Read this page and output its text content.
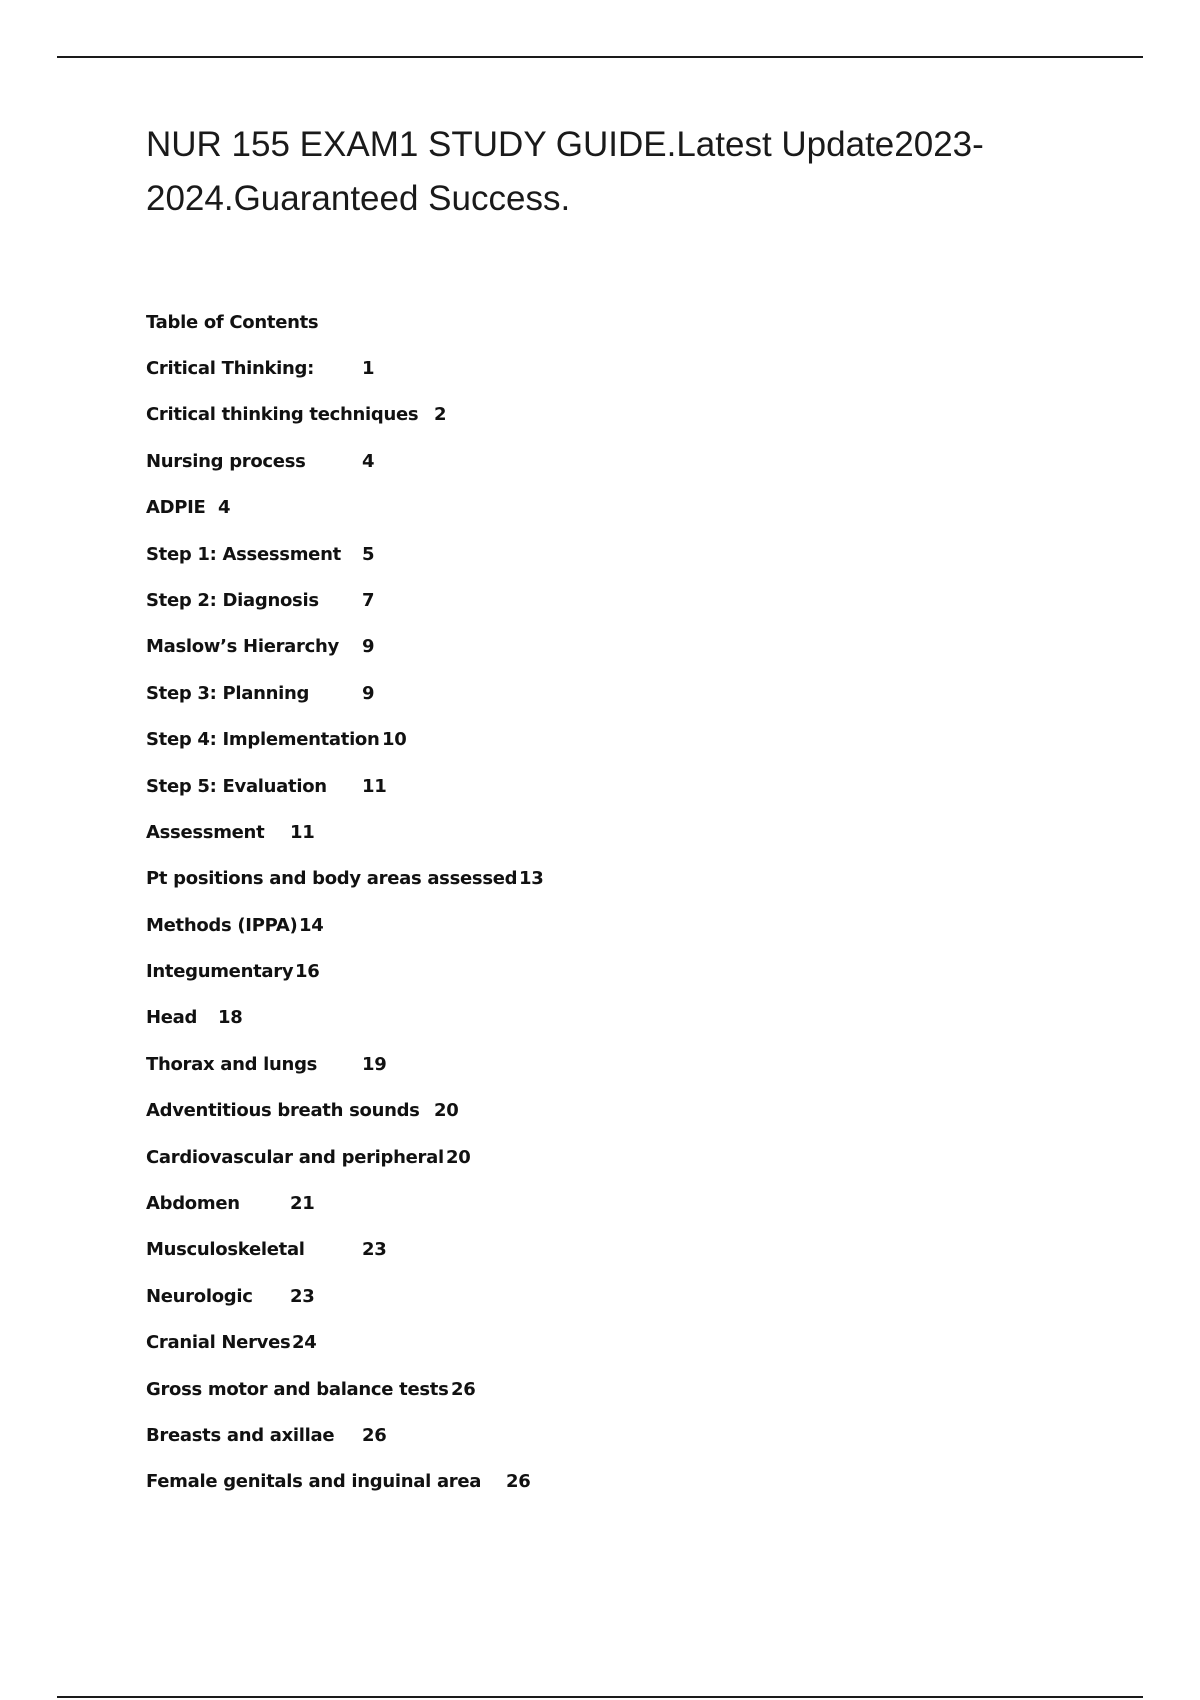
NUR 155 EXAM1 STUDY GUIDE.Latest Update2023-
2024.Guaranteed Success.
Table of Contents
Critical Thinking:	1
Critical thinking techniques 2
Nursing process	4
ADPIE 4
Step 1: Assessment 5
Step 2: Diagnosis 7
Maslow’s Hierarchy 9
Step 3: Planning	9
Step 4: Implementation 10
Step 5: Evaluation 11
Assessment 11
Pt positions and body areas assessed 13
Methods (IPPA) 14
Integumentary 16
Head 18
Thorax and lungs 19
Adventitious breath sounds 20
Cardiovascular and peripheral 20
Abdomen	21
Musculoskeletal	23
Neurologic 23
Cranial Nerves 24
Gross motor and balance tests 26
Breasts and axillae 26
Female genitals and inguinal area 26
